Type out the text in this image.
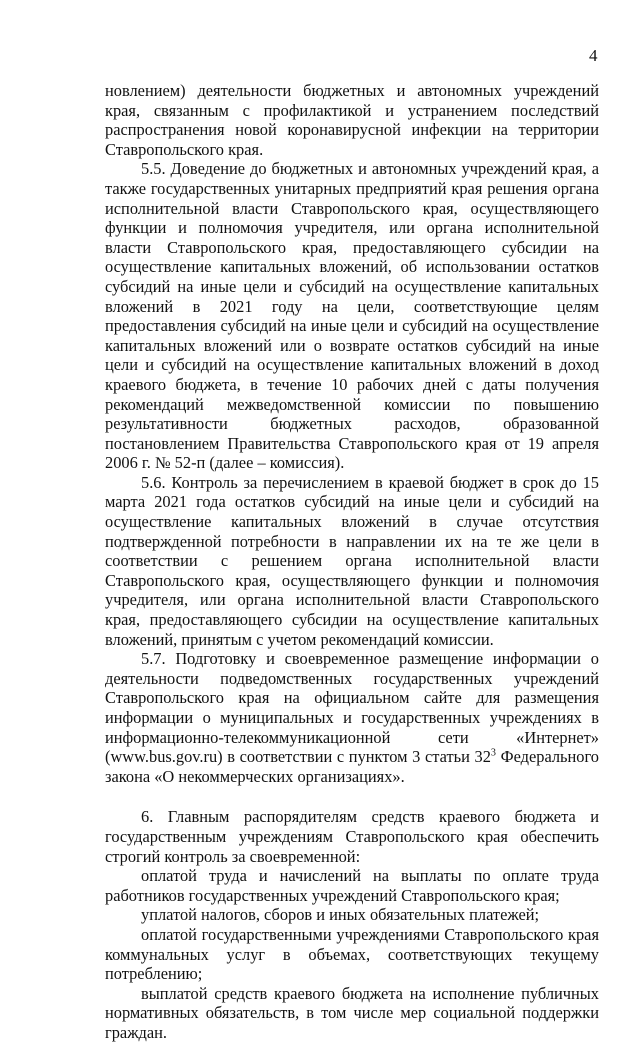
4

новлением) деятельности бюджетных и автономных учреждений края, связанным с профилактикой и устранением последствий распространения новой коронавирусной инфекции на территории Ставропольского края.

5.5. Доведение до бюджетных и автономных учреждений края, а также государственных унитарных предприятий края решения органа исполнительной власти Ставропольского края, осуществляющего функции и полномочия учредителя, или органа исполнительной власти Ставропольского края, предоставляющего субсидии на осуществление капитальных вложений, об использовании остатков субсидий на иные цели и субсидий на осуществление капитальных вложений в 2021 году на цели, соответствующие целям предоставления субсидий на иные цели и субсидий на осуществление капитальных вложений или о возврате остатков субсидий на иные цели и субсидий на осуществление капитальных вложений в доход краевого бюджета, в течение 10 рабочих дней с даты получения рекомендаций межведомственной комиссии по повышению результативности бюджетных расходов, образованной постановлением Правительства Ставропольского края от 19 апреля 2006 г. № 52-п (далее – комиссия).

5.6. Контроль за перечислением в краевой бюджет в срок до 15 марта 2021 года остатков субсидий на иные цели и субсидий на осуществление капитальных вложений в случае отсутствия подтвержденной потребности в направлении их на те же цели в соответствии с решением органа исполнительной власти Ставропольского края, осуществляющего функции и полномочия учредителя, или органа исполнительной власти Ставропольского края, предоставляющего субсидии на осуществление капитальных вложений, принятым с учетом рекомендаций комиссии.

5.7. Подготовку и своевременное размещение информации о деятельности подведомственных государственных учреждений Ставропольского края на официальном сайте для размещения информации о муниципальных и государственных учреждениях в информационно-телекоммуникационной сети «Интернет» (www.bus.gov.ru) в соответствии с пунктом 3 статьи $32^3$ Федерального закона «О некоммерческих организациях».

6. Главным распорядителям средств краевого бюджета и государственным учреждениям Ставропольского края обеспечить строгий контроль за своевременной:

оплатой труда и начислений на выплаты по оплате труда работников государственных учреждений Ставропольского края;

уплатой налогов, сборов и иных обязательных платежей;

оплатой государственными учреждениями Ставропольского края коммунальных услуг в объемах, соответствующих текущему потреблению;

выплатой средств краевого бюджета на исполнение публичных нормативных обязательств, в том числе мер социальной поддержки граждан.
